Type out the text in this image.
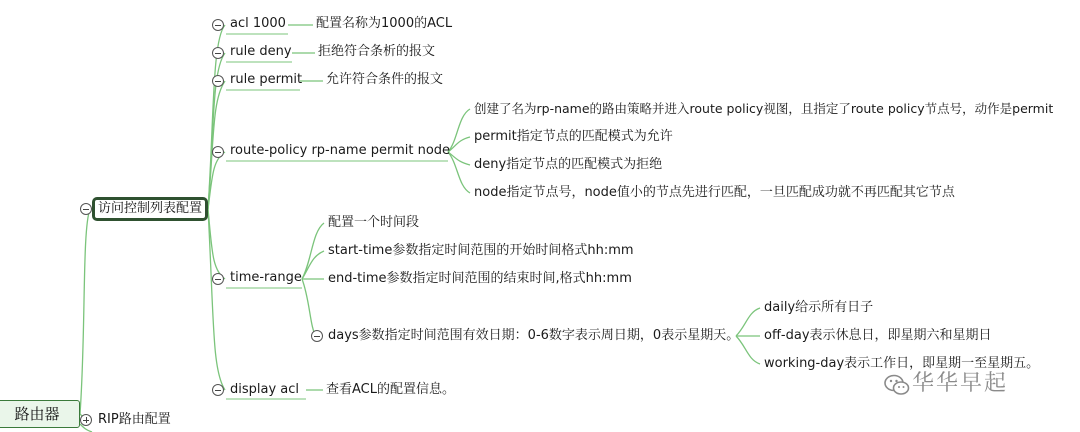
路由器
访问控制列表配置
RIP路由配置
acl 1000 配置名称为1000的ACL
rule deny 拒绝符合条析的报文
rule permit 允许符合条件的报文
route-policy rp-name permit node
创建了名为rp-name的路由策略并进入route policy视图，且指定了route policy节点号，动作是permit
permit指定节点的匹配模式为允许
deny指定节点的匹配模式为拒绝
node指定节点号，node值小的节点先进行匹配，一旦匹配成功就不再匹配其它节点
time-range
配置一个时间段
start-time参数指定时间范围的开始时间格式hh:mm
end-time参数指定时间范围的结束时间,格式hh:mm
days参数指定时间范围有效日期：0-6数字表示周日期，0表示星期天。
daily给示所有日子
off-day表示休息日，即星期六和星期日
working-day表示工作日，即星期一至星期五。
display acl 查看ACL的配置信息。	华华早起
